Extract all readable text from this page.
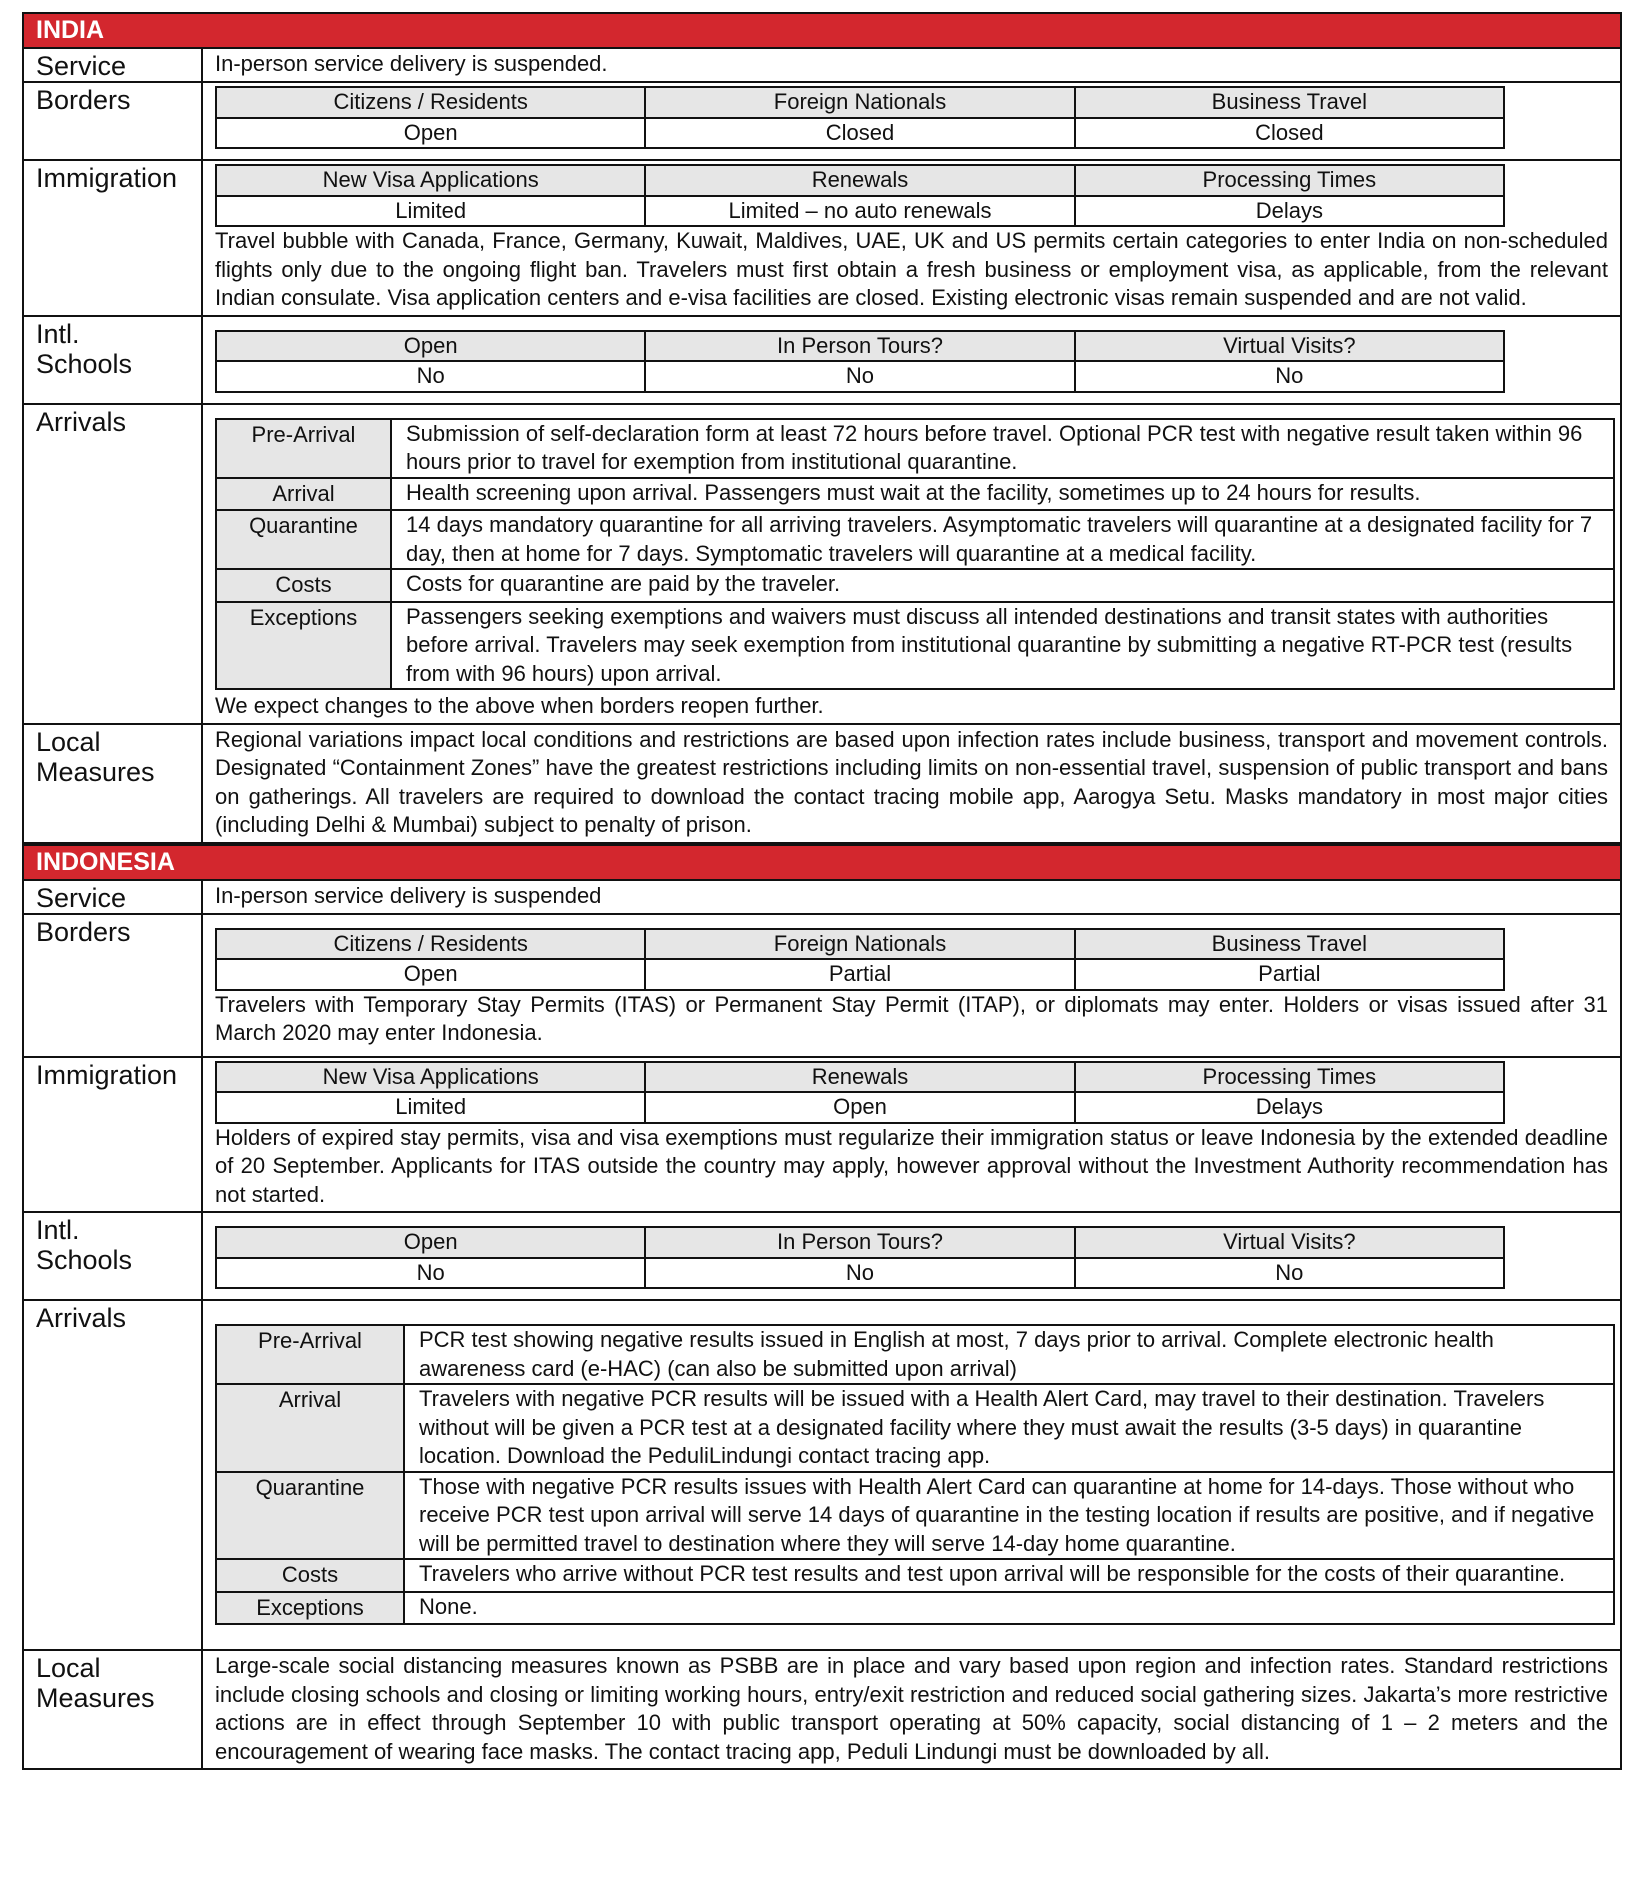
INDIA
Service	In-person service delivery is suspended.
Borders		Citizens / Residents	Foreign Nationals	Business Travel
Open	Closed	Closed

Immigration		New Visa Applications	Renewals	Processing Times
Limited	Limited – no auto renewals	Delays

Travel bubble with Canada, France, Germany, Kuwait, Maldives, UAE, UK and US permits certain categories to enter India on non-scheduled flights only due to the ongoing flight ban. Travelers must first obtain a fresh business or employment visa, as applicable, from the relevant Indian consulate. Visa application centers and e-visa facilities are closed. Existing electronic visas remain suspended and are not valid.

Intl.
Schools

Open	In Person Tours?	Virtual Visits?
No	No	No

Arrivals		Pre-Arrival	Submission of self-declaration form at least 72 hours before travel. Optional PCR test with negative result taken within 96 hours prior to travel for exemption from institutional quarantine.
Arrival	Health screening upon arrival. Passengers must wait at the facility, sometimes up to 24 hours for results.
Quarantine	14 days mandatory quarantine for all arriving travelers. Asymptomatic travelers will quarantine at a designated facility for 7 day, then at home for 7 days. Symptomatic travelers will quarantine at a medical facility.
Costs	Costs for quarantine are paid by the traveler.
Exceptions	Passengers seeking exemptions and waivers must discuss all intended destinations and transit states with authorities before arrival. Travelers may seek exemption from institutional quarantine by submitting a negative RT-PCR test (results from with 96 hours) upon arrival.

We expect changes to the above when borders reopen further.

Local
Measures
	Regional variations impact local conditions and restrictions are based upon infection rates include business, transport and movement controls. Designated “Containment Zones” have the greatest restrictions including limits on non-essential travel, suspension of public transport and bans on gatherings. All travelers are required to download the contact tracing mobile app, Aarogya Setu. Masks mandatory in most major cities (including Delhi & Mumbai) subject to penalty of prison.
INDONESIA
Service	In-person service delivery is suspended
Borders		Citizens / Residents	Foreign Nationals	Business Travel
Open	Partial	Partial

Travelers with Temporary Stay Permits (ITAS) or Permanent Stay Permit (ITAP), or diplomats may enter. Holders or visas issued after 31 March 2020 may enter Indonesia.

Immigration		New Visa Applications	Renewals	Processing Times
Limited	Open	Delays

Holders of expired stay permits, visa and visa exemptions must regularize their immigration status or leave Indonesia by the extended deadline of 20 September. Applicants for ITAS outside the country may apply, however approval without the Investment Authority recommendation has not started.

Intl.
Schools

Open	In Person Tours?	Virtual Visits?
No	No	No

Arrivals	
Pre-Arrival	PCR test showing negative results issued in English at most, 7 days prior to arrival. Complete electronic health awareness card (e-HAC) (can also be submitted upon arrival)
Arrival	Travelers with negative PCR results will be issued with a Health Alert Card, may travel to their destination. Travelers without will be given a PCR test at a designated facility where they must await the results (3-5 days) in quarantine location. Download the PeduliLindungi contact tracing app.
Quarantine	Those with negative PCR results issues with Health Alert Card can quarantine at home for 14-days. Those without who receive PCR test upon arrival will serve 14 days of quarantine in the testing location if results are positive, and if negative will be permitted travel to destination where they will serve 14-day home quarantine.
Costs	Travelers who arrive without PCR test results and test upon arrival will be responsible for the costs of their quarantine.
Exceptions	None.

Local
Measures
	Large-scale social distancing measures known as PSBB are in place and vary based upon region and infection rates. Standard restrictions include closing schools and closing or limiting working hours, entry/exit restriction and reduced social gathering sizes. Jakarta’s more restrictive actions are in effect through September 10 with public transport operating at 50% capacity, social distancing of 1 – 2 meters and the encouragement of wearing face masks. The contact tracing app, Peduli Lindungi must be downloaded by all.
